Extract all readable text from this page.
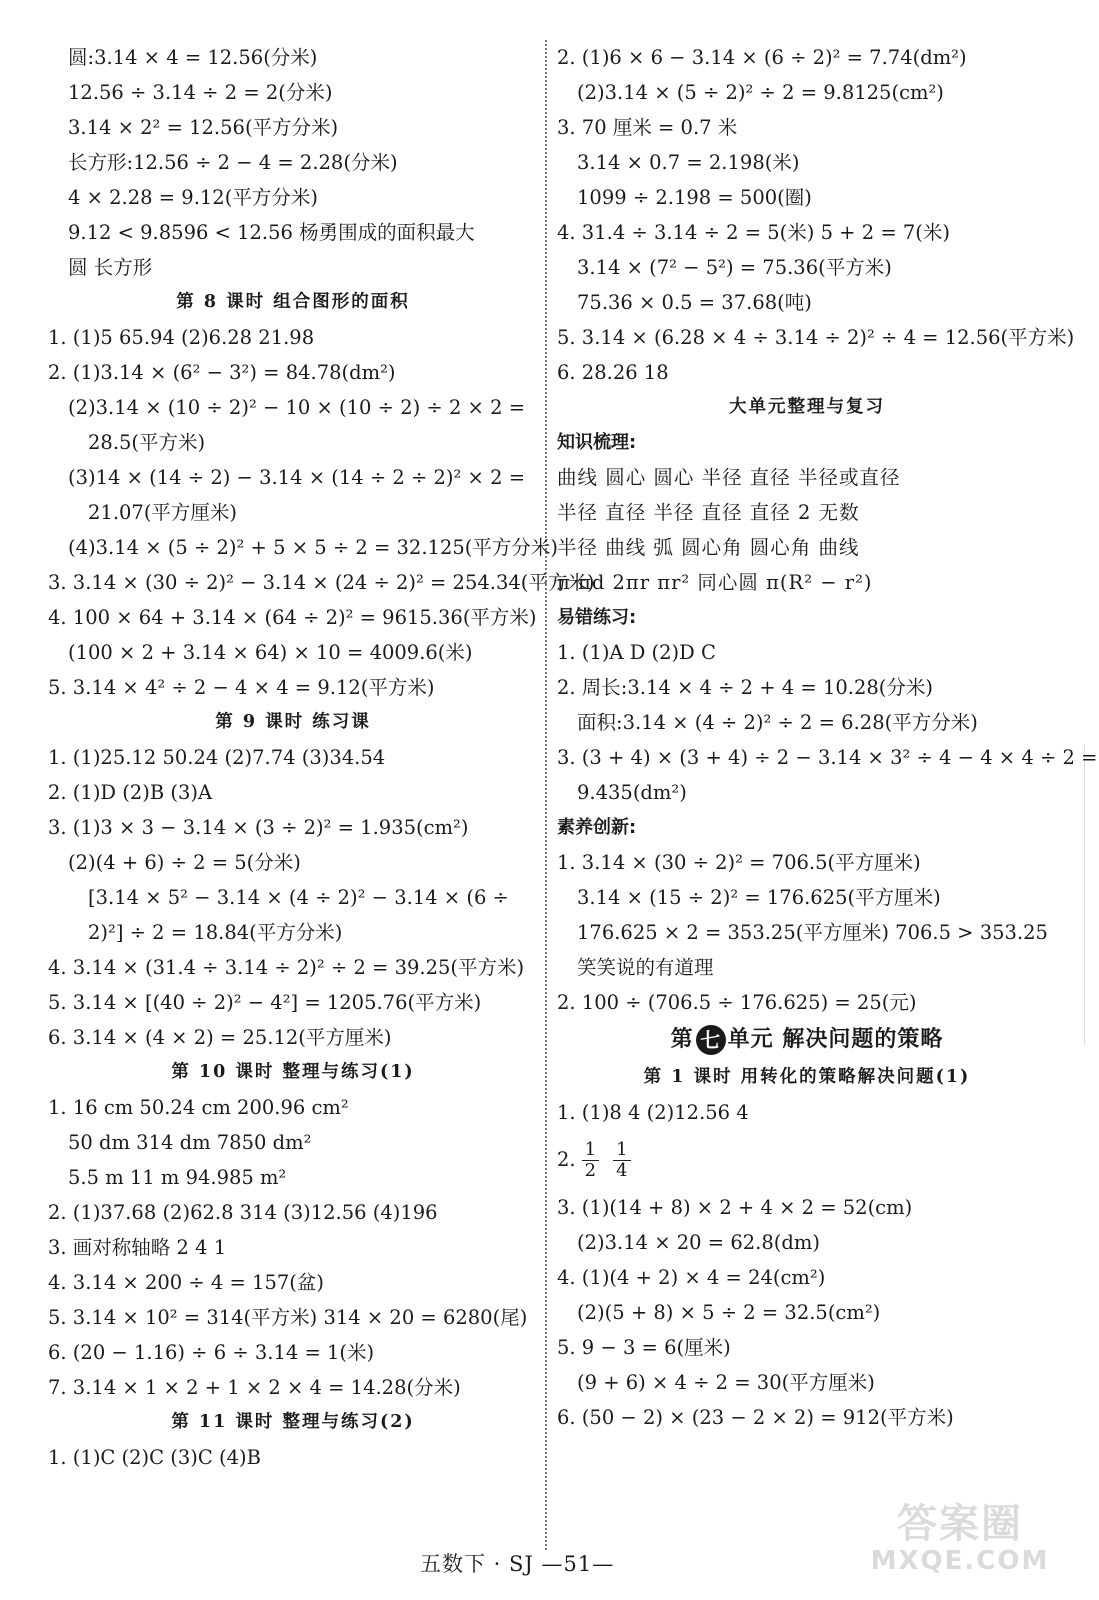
圆:3.14 × 4 = 12.56(分米)
12.56 ÷ 3.14 ÷ 2 = 2(分米)
3.14 × 2² = 12.56(平方分米)
长方形:12.56 ÷ 2 − 4 = 2.28(分米)
4 × 2.28 = 9.12(平方分米)
9.12 < 9.8596 < 12.56 杨勇围成的面积最大
圆 长方形
第 8 课时 组合图形的面积
1. (1)5 65.94 (2)6.28 21.98
2. (1)3.14 × (6² − 3²) = 84.78(dm²)
(2)3.14 × (10 ÷ 2)² − 10 × (10 ÷ 2) ÷ 2 × 2 =
28.5(平方米)
(3)14 × (14 ÷ 2) − 3.14 × (14 ÷ 2 ÷ 2)² × 2 =
21.07(平方厘米)
(4)3.14 × (5 ÷ 2)² + 5 × 5 ÷ 2 = 32.125(平方分米)
3. 3.14 × (30 ÷ 2)² − 3.14 × (24 ÷ 2)² = 254.34(平方米)
4. 100 × 64 + 3.14 × (64 ÷ 2)² = 9615.36(平方米)
(100 × 2 + 3.14 × 64) × 10 = 4009.6(米)
5. 3.14 × 4² ÷ 2 − 4 × 4 = 9.12(平方米)
第 9 课时 练习课
1. (1)25.12 50.24 (2)7.74 (3)34.54
2. (1)D (2)B (3)A
3. (1)3 × 3 − 3.14 × (3 ÷ 2)² = 1.935(cm²)
(2)(4 + 6) ÷ 2 = 5(分米)
[3.14 × 5² − 3.14 × (4 ÷ 2)² − 3.14 × (6 ÷
2)²] ÷ 2 = 18.84(平方分米)
4. 3.14 × (31.4 ÷ 3.14 ÷ 2)² ÷ 2 = 39.25(平方米)
5. 3.14 × [(40 ÷ 2)² − 4²] = 1205.76(平方米)
6. 3.14 × (4 × 2) = 25.12(平方厘米)
第 10 课时 整理与练习(1)
1. 16 cm 50.24 cm 200.96 cm²
50 dm 314 dm 7850 dm²
5.5 m 11 m 94.985 m²
2. (1)37.68 (2)62.8 314 (3)12.56 (4)196
3. 画对称轴略 2 4 1
4. 3.14 × 200 ÷ 4 = 157(盆)
5. 3.14 × 10² = 314(平方米) 314 × 20 = 6280(尾)
6. (20 − 1.16) ÷ 6 ÷ 3.14 = 1(米)
7. 3.14 × 1 × 2 + 1 × 2 × 4 = 14.28(分米)
第 11 课时 整理与练习(2)
1. (1)C (2)C (3)C (4)B
2. (1)6 × 6 − 3.14 × (6 ÷ 2)² = 7.74(dm²)
(2)3.14 × (5 ÷ 2)² ÷ 2 = 9.8125(cm²)
3. 70 厘米 = 0.7 米
3.14 × 0.7 = 2.198(米)
1099 ÷ 2.198 = 500(圈)
4. 31.4 ÷ 3.14 ÷ 2 = 5(米) 5 + 2 = 7(米)
3.14 × (7² − 5²) = 75.36(平方米)
75.36 × 0.5 = 37.68(吨)
5. 3.14 × (6.28 × 4 ÷ 3.14 ÷ 2)² ÷ 4 = 12.56(平方米)
6. 28.26 18
大单元整理与复习
知识梳理:
曲线 圆心 圆心 半径 直径 半径或直径
半径 直径 半径 直径 直径 2 无数
半径 曲线 弧 圆心角 圆心角 曲线
π πd 2πr πr² 同心圆 π(R² − r²)
易错练习:
1. (1)A D (2)D C
2. 周长:3.14 × 4 ÷ 2 + 4 = 10.28(分米)
面积:3.14 × (4 ÷ 2)² ÷ 2 = 6.28(平方分米)
3. (3 + 4) × (3 + 4) ÷ 2 − 3.14 × 3² ÷ 4 − 4 × 4 ÷ 2 =
9.435(dm²)
素养创新:
1. 3.14 × (30 ÷ 2)² = 706.5(平方厘米)
3.14 × (15 ÷ 2)² = 176.625(平方厘米)
176.625 × 2 = 353.25(平方厘米) 706.5 > 353.25
笑笑说的有道理
2. 100 ÷ (706.5 ÷ 176.625) = 25(元)
第 七 单元 解决问题的策略
第 1 课时 用转化的策略解决问题(1)
1. (1)8 4 (2)12.56 4
2. $\frac{1}{2} \frac{1}{4}$
3. (1)(14 + 8) × 2 + 4 × 2 = 52(cm)
(2)3.14 × 20 = 62.8(dm)
4. (1)(4 + 2) × 4 = 24(cm²)
(2)(5 + 8) × 5 ÷ 2 = 32.5(cm²)
5. 9 − 3 = 6(厘米)
(9 + 6) × 4 ÷ 2 = 30(平方厘米)
6. (50 − 2) × (23 − 2 × 2) = 912(平方米)
五数下 · SJ —51—
答案圈
MXQE.COM
